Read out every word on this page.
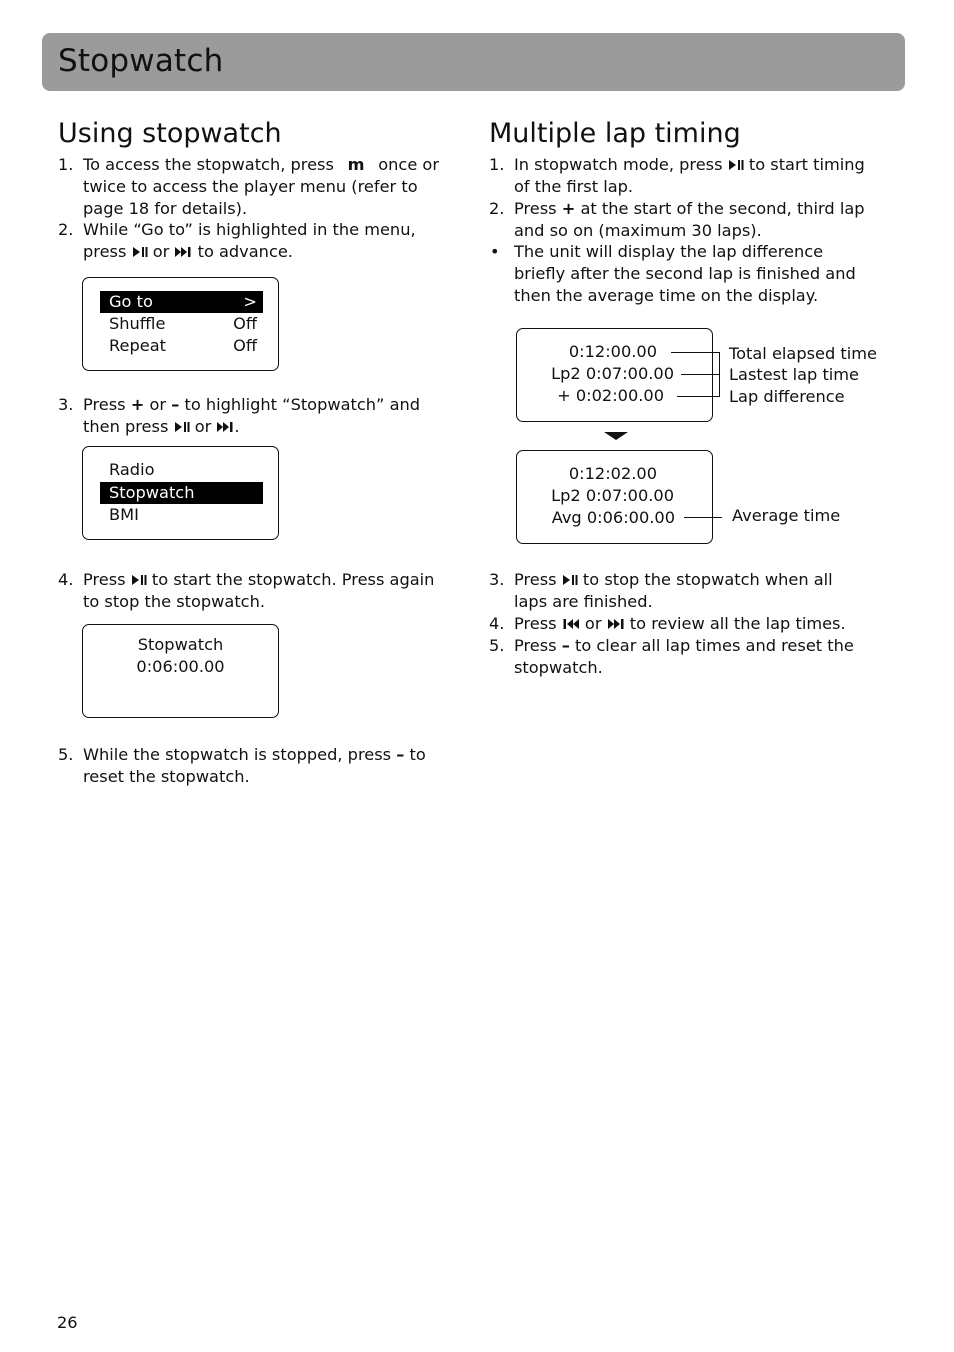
Stopwatch
Using stopwatch
1. To access the stopwatch, press m once or
twice to access the player menu (refer to
page 18 for details).
2. While “Go to” is highlighted in the menu,
press or to advance.
Go to	>
Shuffle	Off
Repeat	Off
3. Press + or – to highlight “Stopwatch” and
then press or .
Radio
Stopwatch
BMI
4. Press to start the stopwatch. Press again
to stop the stopwatch.
Stopwatch
0:06:00.00
5. While the stopwatch is stopped, press – to
reset the stopwatch.
Multiple lap timing
1. In stopwatch mode, press to start timing
of the first lap.
2. Press + at the start of the second, third lap
and so on (maximum 30 laps).
• The unit will display the lap difference
briefly after the second lap is finished and
then the average time on the display.
0:12:00.00
Lp2 0:07:00.00
+ 0:02:00.00
Total elapsed time
Lastest lap time
Lap difference
0:12:02.00
Lp2 0:07:00.00
Avg 0:06:00.00	Average time
3. Press to stop the stopwatch when all
laps are finished.
4. Press or to review all the lap times.
5. Press – to clear all lap times and reset the
stopwatch.
26
